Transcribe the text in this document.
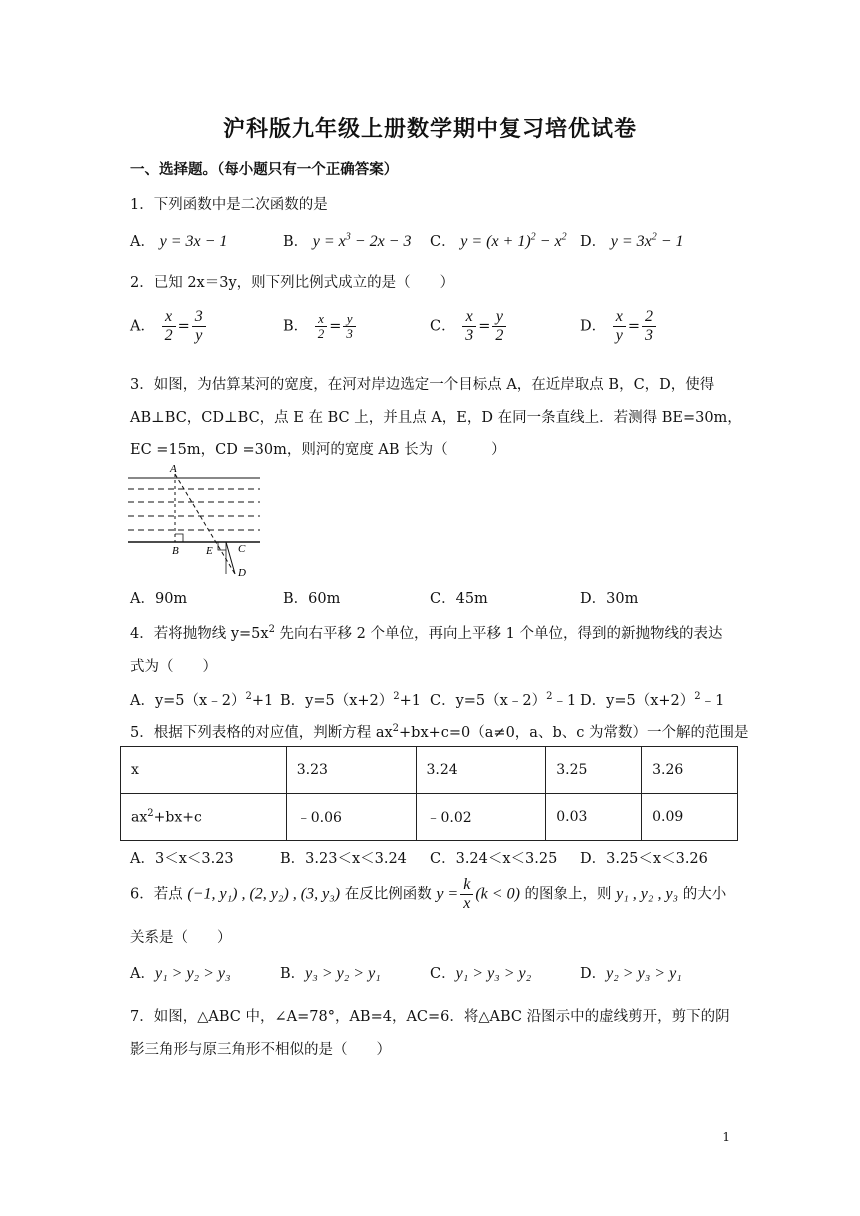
沪科版九年级上册数学期中复习培优试卷
一、选择题。（每小题只有一个正确答案）
1．下列函数中是二次函数的是
A． y = 3x − 1	B． $y = x^3 - 2x - 3$ C． $y = (x + 1)^2 - x^2$ D． $y = 3x^2 - 1$
2．已知 2x＝3y，则下列比例式成立的是（　　）
A． $\frac{x}{2} = \frac{3}{y}$	B． $\frac{x}{2} = \frac{y}{3}$	C． $\frac{x}{3} = \frac{y}{2}$	D． $\frac{x}{y} = \frac{2}{3}$
3．如图，为估算某河的宽度，在河对岸边选定一个目标点 A，在近岸取点 B，C，D，使得
AB⊥BC，CD⊥BC，点 E 在 BC 上，并且点 A，E，D 在同一条直线上．若测得 BE=30m，
EC =15m，CD =30m，则河的宽度 AB 长为（　　　）
A
B E C
D
A．90m	B．60m	C．45m	D．30m
4．若将抛物线 $y=5x^2$ 先向右平移 2 个单位，再向上平移 1 个单位，得到的新抛物线的表达
式为（　　）
A．y=5（x﹣2）$^2$+1 B．$y=5(x+2)^2+1$ C．y=5（x﹣2）$^2$﹣1 D．$y=5(x+2)^2﹣1$
5．根据下列表格的对应值，判断方程 $ax^2+bx+c=0(a\ne 0$，a、b、c 为常数）一个解的范围是
x	3.23	3.24	3.25	3.26
$ax^2+bx+c$	﹣0.06	﹣0.02	0.03	0.09
A．3＜x＜3.23	B．3.23＜x＜3.24 C．3.24＜x＜3.25 D．3.25＜x＜3.26
6．若点 (−1, y₁) , (2, y₂) , (3, y₃) 在反比例函数 $y = \frac{k}{x} (k < 0)$ 的图象上，则 y₁ , y₂ , y₃ 的大小
关系是（　　）
A．y₁ > y₂ > y₃	B．y₃ > y₂ > y₁	C．y₁ > y₃ > y₂	D．y₂ > y₃ > y₁
7．如图，△ABC 中，∠A=78°，AB=4，AC=6．将△ABC 沿图示中的虚线剪开，剪下的阴
影三角形与原三角形不相似的是（　　）
1
